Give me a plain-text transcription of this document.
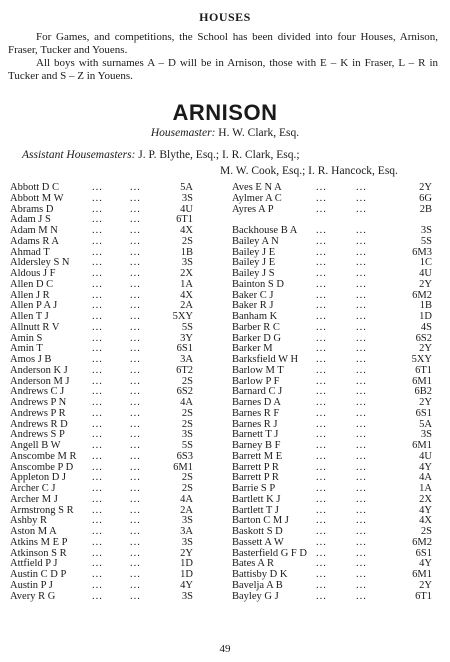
HOUSES

For Games, and competitions, the School has been divided into four Houses, Arnison, Fraser, Tucker and Youens.

All boys with surnames A – D will be in Arnison, those with E – K in Fraser, L – R in Tucker and S – Z in Youens.

ARNISON
Housemaster: H. W. Clark, Esq.
Assistant Housemasters: J. P. Blythe, Esq.; I. R. Clark, Esq.;
M. W. Cook, Esq.; I. R. Hancock, Esq.
Abbott D C	...	...	5A
Abbott M W	...	...	3S
Abrams D	...	...	4U
Adam J S	...	...	6T1
Adam M N	...	...	4X
Adams R A	...	...	2S
Ahmad T	...	...	1B
Aldersley S N ...	...	3S
Aldous J F	...	...	2X
Allen D C	...	...	1A
Allen J R	...	...	4X
Allen P A J	...	...	2A
Allen T J	...	...	5XY
Allnutt R V	...	...	5S
Amin S	...	...	3Y
Amin T	...	...	6S1
Amos J B	...	...	3A
Anderson K J ...	...	6T2
Anderson M J ...	...	2S
Andrews C J	...	...	6S2
Andrews P N ...	...	4A
Andrews P R	...	...	2S
Andrews R D ...	...	2S
Andrews S P	...	...	3S
Angell B W	...	...	5S
Anscombe M R ...	...	6S3
Anscombe P D ...	...	6M1
Appleton D J ...	...	2S
Archer C J	...	...	2S
Archer M J	...	...	4A
Armstrong S R ...	...	2A
Ashby R	...	...	3S
Aston M A	...	...	3A
Atkins M E P ...	...	3S
Atkinson S R ...	...	2Y
Attfield P J	...	...	1D
Austin C D P ...	...	1D
Austin P J	...	...	4Y
Avery R G	...	...	3S
Aves E N A	...	...	2Y
Aylmer A C	...	...	6G
Ayres A P	...	...	2B
Backhouse B A ...	...	3S
Bailey A N	...	...	5S
Bailey J E	...	...	6M3
Bailey J E	...	...	1C
Bailey J S	...	...	4U
Bainton S D	...	...	2Y
Baker C J	...	...	6M2
Baker R J	...	...	1B
Banham K	...	...	1D
Barber R C	...	...	4S
Barker D G	...	...	6S2
Barker M	...	...	2Y
Barksfield W H ...	...	5XY
Barlow M T	...	...	6T1
Barlow P F	...	...	6M1
Barnard C J	...	...	6B2
Barnes D A	...	...	2Y
Barnes R F	...	...	6S1
Barnes R J	...	...	5A
Barnett T J	...	...	3S
Barney B F	...	...	6M1
Barrett M E	...	...	4U
Barrett P R	...	...	4Y
Barrett P R	...	...	4A
Barrie S P	...	...	1A
Bartlett K J	...	...	2X
Bartlett T J	...	...	4Y
Barton C M J	...	...	4X
Baskott S D	...	...	2S
Bassett A W	...	...	6M2
Basterfield G F D ...	...	6S1
Bates A R	...	...	4Y
Battisby D K	...	...	6M1
Bavelja A B	...	...	2Y
Bayley G J	...	...	6T1
49
